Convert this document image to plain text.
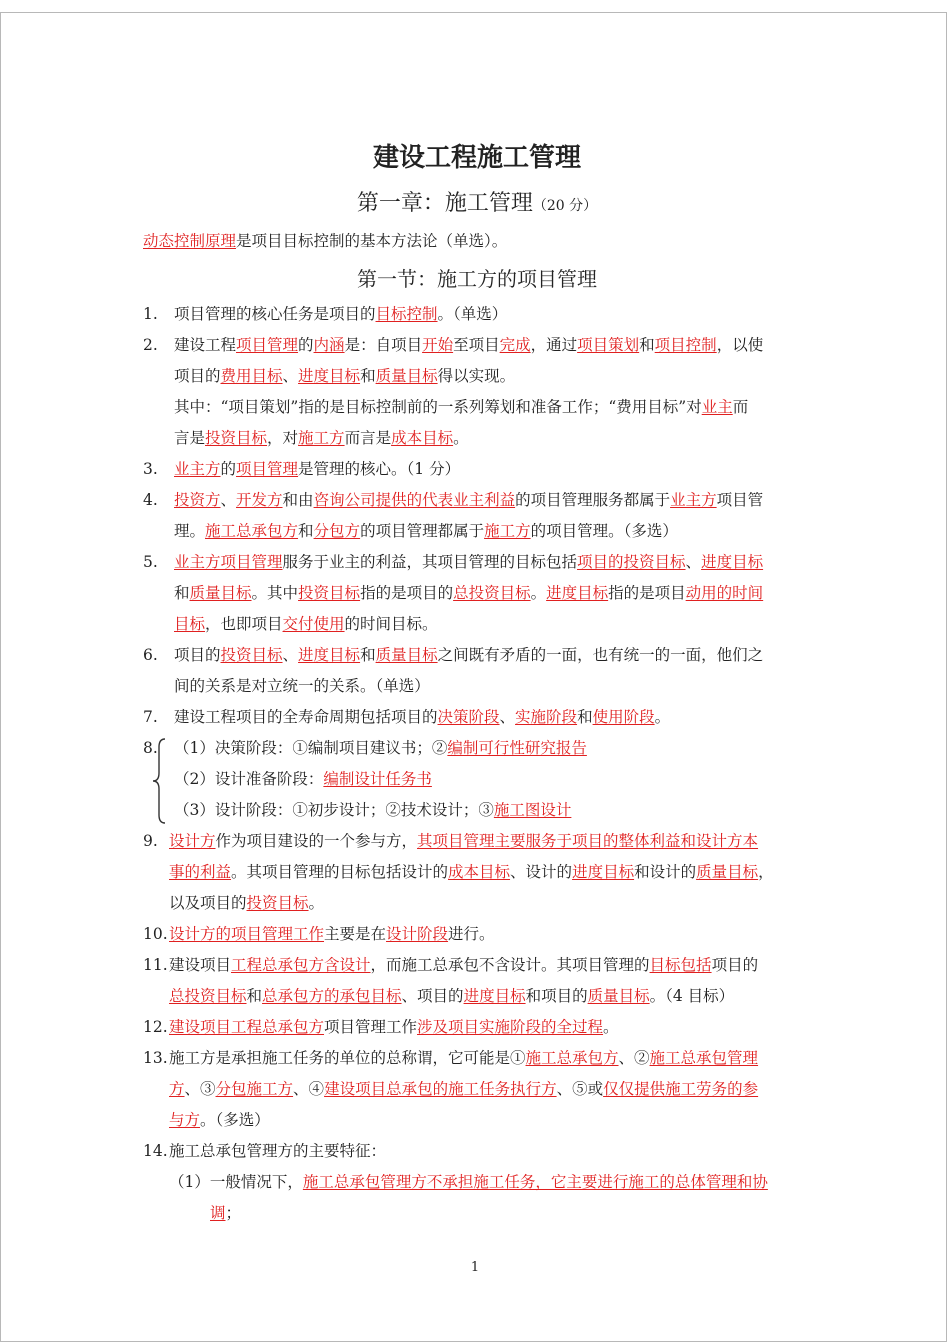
建设工程施工管理
第一章：施工管理（20 分）
动态控制原理是项目目标控制的基本方法论（单选）。
第一节：施工方的项目管理
1. 项目管理的核心任务是项目的目标控制。（单选）
2. 建设工程项目管理的内涵是：自项目开始至项目完成，通过项目策划和项目控制，以使
项目的费用目标、进度目标和质量目标得以实现。
其中：“项目策划”指的是目标控制前的一系列筹划和准备工作；“费用目标”对业主而
言是投资目标，对施工方而言是成本目标。
3. 业主方的项目管理是管理的核心。（1 分）
4. 投资方、开发方和由咨询公司提供的代表业主利益的项目管理服务都属于业主方项目管
理。施工总承包方和分包方的项目管理都属于施工方的项目管理。（多选）
5. 业主方项目管理服务于业主的利益，其项目管理的目标包括项目的投资目标、进度目标
和质量目标。其中投资目标指的是项目的总投资目标。进度目标指的是项目动用的时间
目标，也即项目交付使用的时间目标。
6. 项目的投资目标、进度目标和质量目标之间既有矛盾的一面，也有统一的一面，他们之
间的关系是对立统一的关系。（单选）
7. 建设工程项目的全寿命周期包括项目的决策阶段、实施阶段和使用阶段。
8. （1）决策阶段：①编制项目建议书；②编制可行性研究报告
（2）设计准备阶段：编制设计任务书
（3）设计阶段：①初步设计；②技术设计；③施工图设计
9. 设计方作为项目建设的一个参与方，其项目管理主要服务于项目的整体利益和设计方本
事的利益。其项目管理的目标包括设计的成本目标、设计的进度目标和设计的质量目标，
以及项目的投资目标。
10. 设计方的项目管理工作主要是在设计阶段进行。
11. 建设项目工程总承包方含设计，而施工总承包不含设计。其项目管理的目标包括项目的
总投资目标和总承包方的承包目标、项目的进度目标和项目的质量目标。（4 目标）
12. 建设项目工程总承包方项目管理工作涉及项目实施阶段的全过程。
13. 施工方是承担施工任务的单位的总称谓，它可能是①施工总承包方、②施工总承包管理
方、③分包施工方、④建设项目总承包的施工任务执行方、⑤或仅仅提供施工劳务的参
与方。（多选）
14. 施工总承包管理方的主要特征：
（1）一般情况下，施工总承包管理方不承担施工任务，它主要进行施工的总体管理和协
调；
1
